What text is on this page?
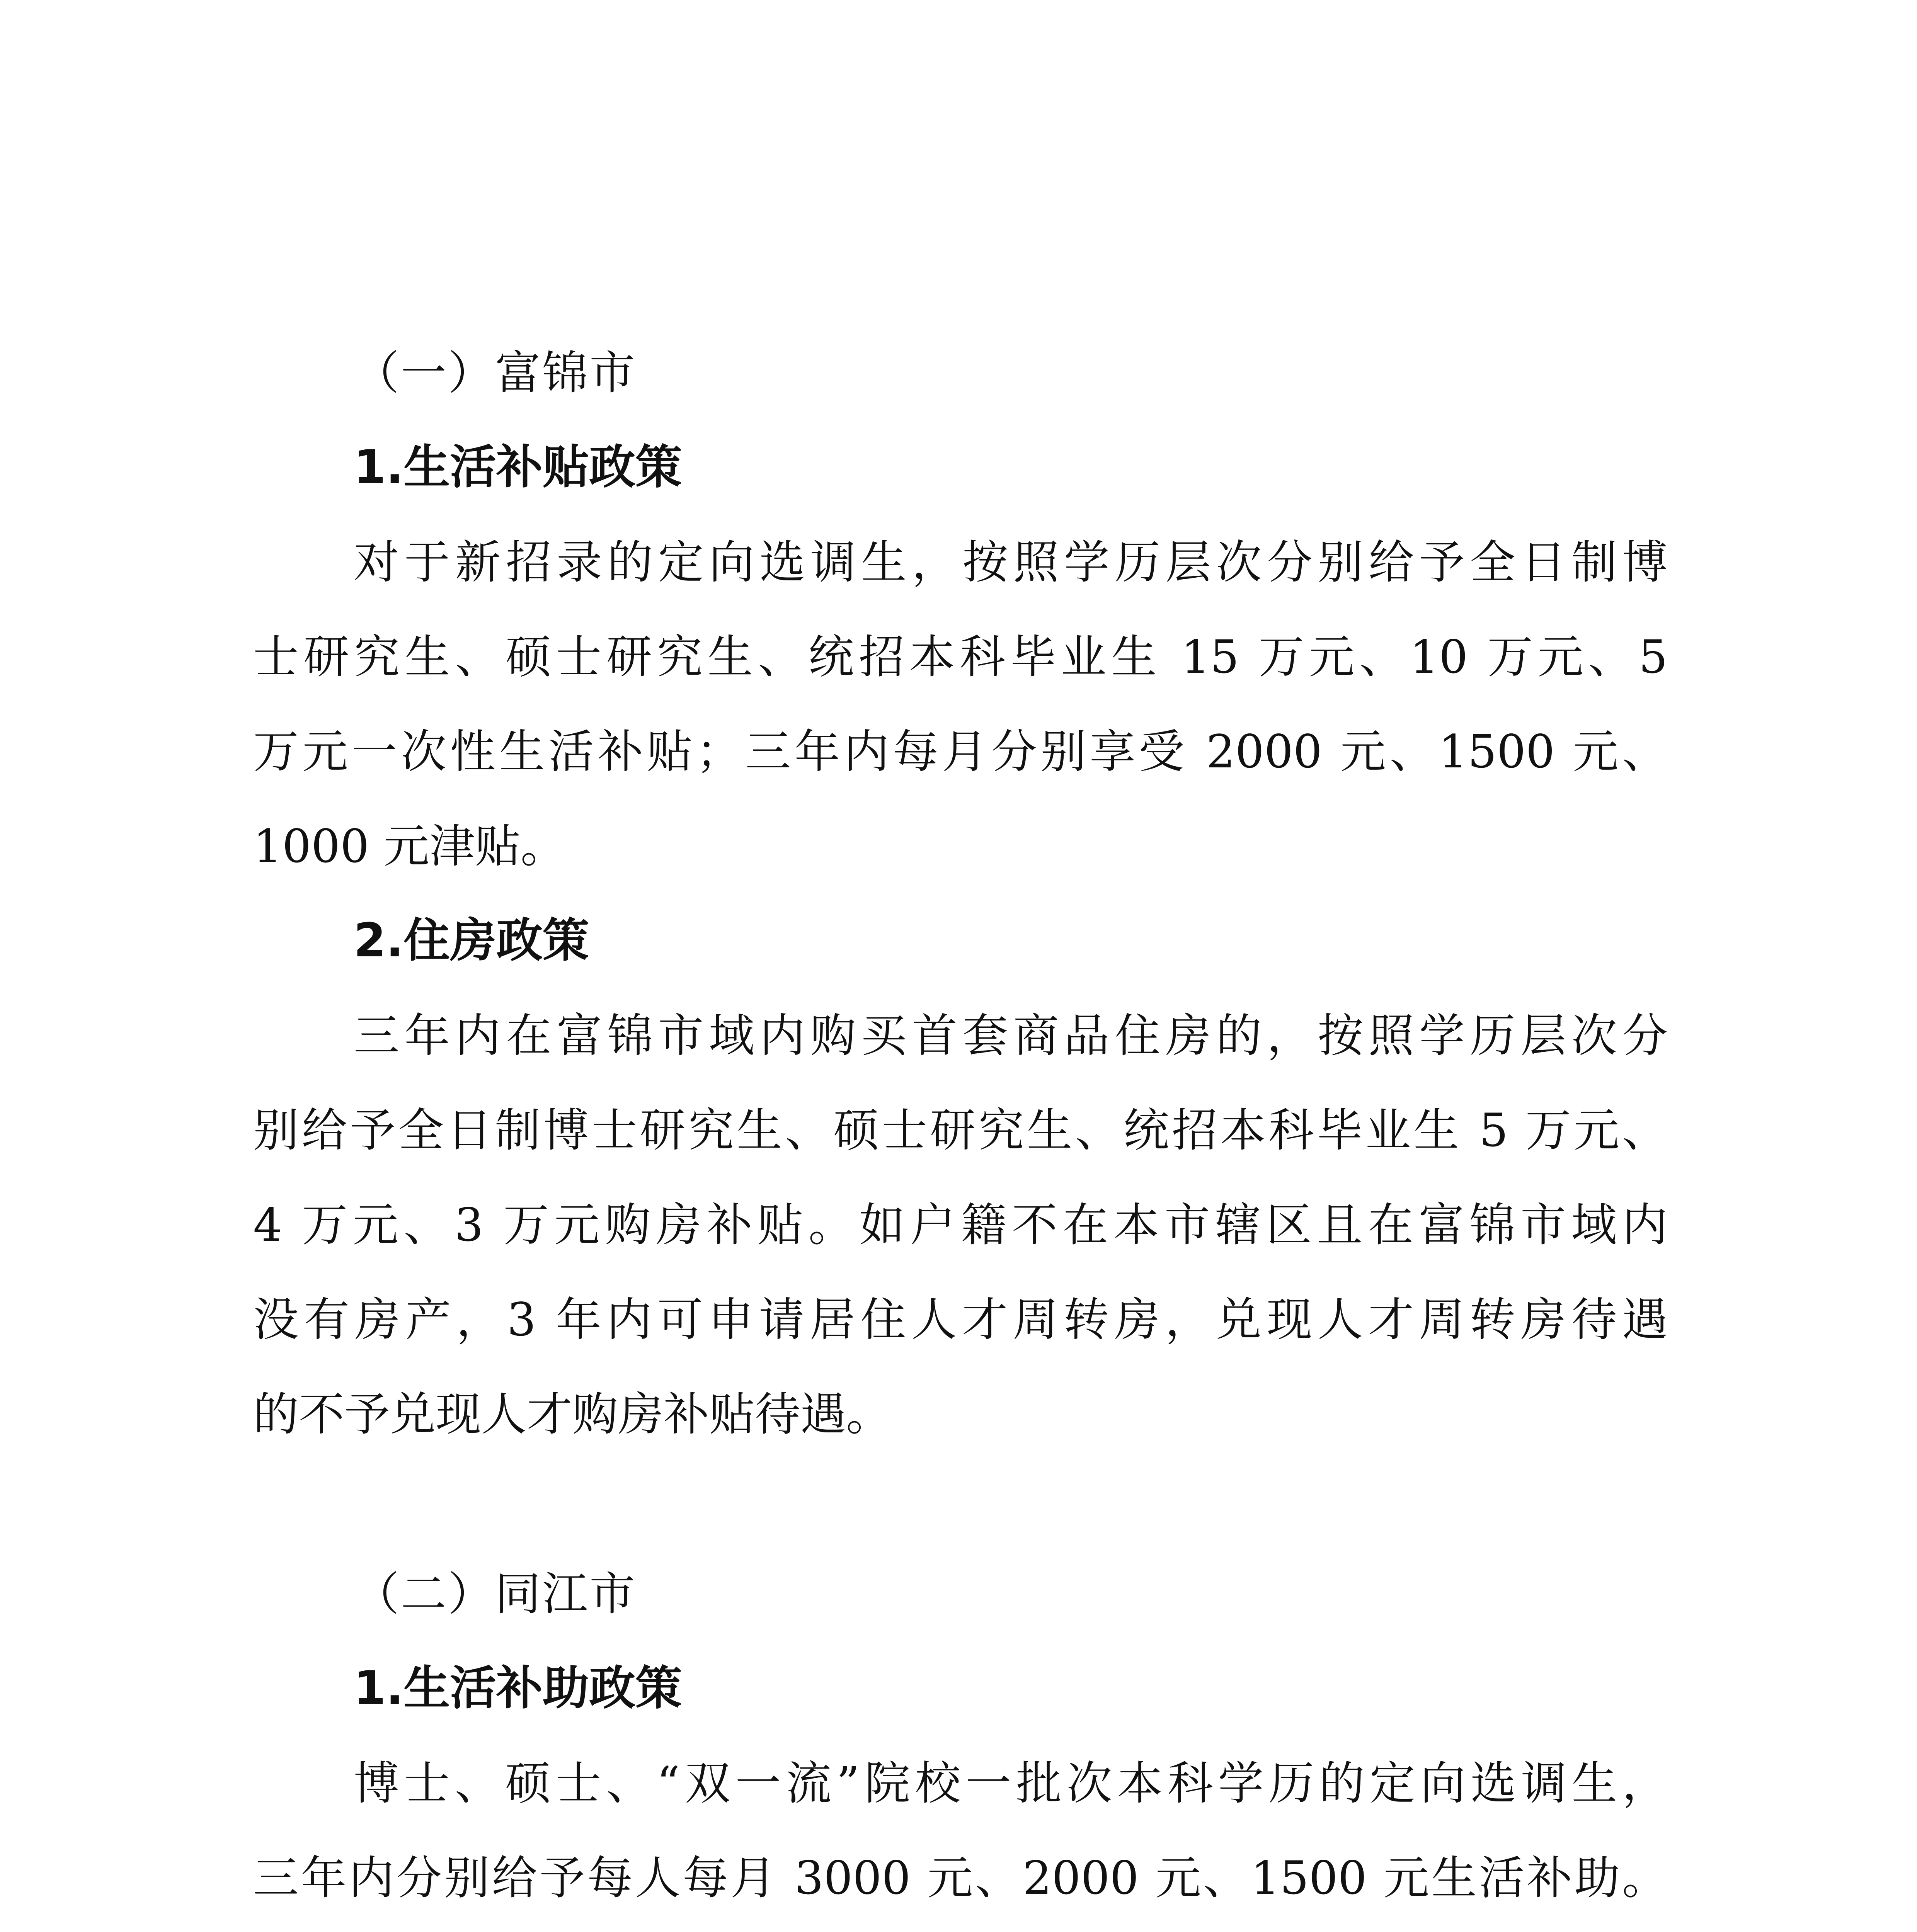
（一）富锦市
1.生活补贴政策
对于新招录的定向选调生，按照学历层次分别给予全日制博
士研究生、硕士研究生、统招本科毕业生 15 万元、10 万元、5
万元一次性生活补贴；三年内每月分别享受 2000 元、1500 元、
1000 元津贴。
2.住房政策
三年内在富锦市域内购买首套商品住房的，按照学历层次分
别给予全日制博士研究生、硕士研究生、统招本科毕业生 5 万元、
4 万元、3 万元购房补贴。如户籍不在本市辖区且在富锦市域内
没有房产，3 年内可申请居住人才周转房，兑现人才周转房待遇
的不予兑现人才购房补贴待遇。
（二）同江市
1.生活补助政策
博士、硕士、“双一流”院校一批次本科学历的定向选调生，
三年内分别给予每人每月 3000 元、2000 元、1500 元生活补助。
